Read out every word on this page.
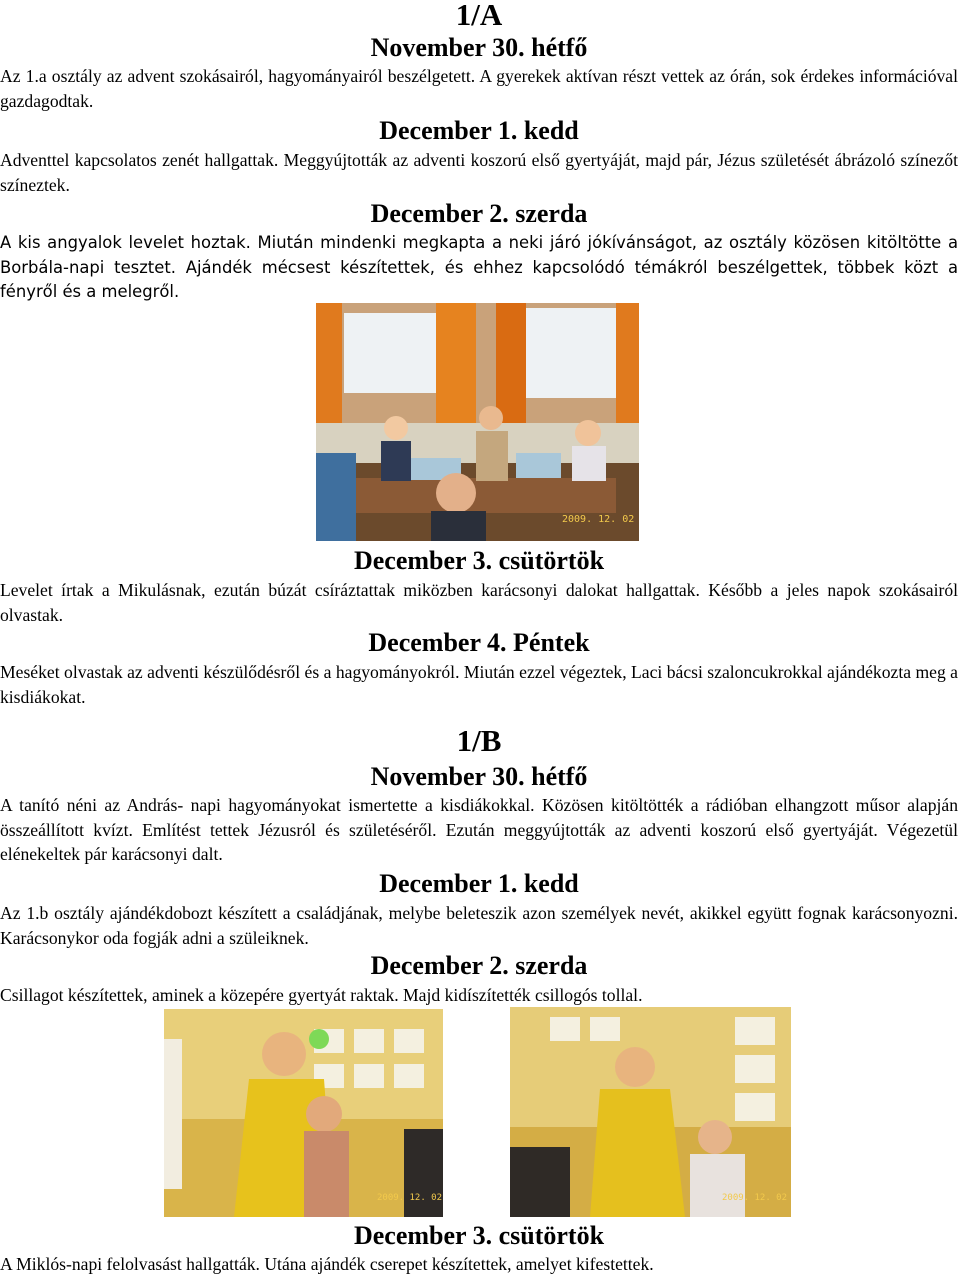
1/A
November 30. hétfő
Az 1.a osztály az advent szokásairól, hagyományairól beszélgetett. A gyerekek aktívan részt vettek az órán, sok érdekes információval gazdagodtak.
December 1. kedd
Adventtel kapcsolatos zenét hallgattak. Meggyújtották az adventi koszorú első gyertyáját, majd pár, Jézus születését ábrázoló színezőt színeztek.
December 2. szerda
A kis angyalok levelet hoztak. Miután mindenki megkapta a neki járó jókívánságot, az osztály közösen kitöltötte a Borbála-napi tesztet. Ajándék mécsest készítettek, és ehhez kapcsolódó témákról beszélgettek, többek közt a fényről és a melegről.
2009. 12. 02
December 3. csütörtök
Levelet írtak a Mikulásnak, ezután búzát csíráztattak miközben karácsonyi dalokat hallgattak. Később a jeles napok szokásairól olvastak.
December 4. Péntek
Meséket olvastak az adventi készülődésről és a hagyományokról. Miután ezzel végeztek, Laci bácsi szaloncukrokkal ajándékozta meg a kisdiákokat.
1/B
November 30. hétfő
A tanító néni az András- napi hagyományokat ismertette a kisdiákokkal. Közösen kitöltötték a rádióban elhangzott műsor alapján összeállított kvízt. Említést tettek Jézusról és születéséről. Ezután meggyújtották az adventi koszorú első gyertyáját. Végezetül elénekeltek pár karácsonyi dalt.
December 1. kedd
Az 1.b osztály ajándékdobozt készített a családjának, melybe beleteszik azon személyek nevét, akikkel együtt fognak karácsonyozni. Karácsonykor oda fogják adni a szüleiknek.
December 2. szerda
Csillagot készítettek, aminek a közepére gyertyát raktak. Majd kidíszítették csillogós tollal.
2009. 12. 02	2009. 12. 02
December 3. csütörtök
A Miklós-napi felolvasást hallgatták. Utána ajándék cserepet készítettek, amelyet kifestettek.
